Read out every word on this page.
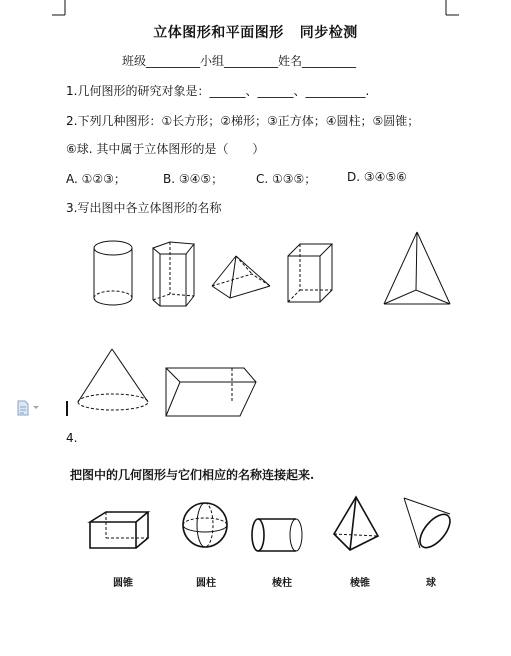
立体图形和平面图形 同步检测
班级_________小组_________姓名_________
1.几何图形的研究对象是：______、______、__________.
2.下列几种图形：①长方形；②梯形；③正方体；④圆柱；⑤圆锥；
⑥球. 其中属于立体图形的是（　　）
A. ①②③；	B. ③④⑤；	C. ①③⑤；	D. ③④⑤⑥
3.写出图中各立体图形的名称
4.
把图中的几何图形与它们相应的名称连接起来.
圆锥	圆柱	棱柱	棱锥	球
